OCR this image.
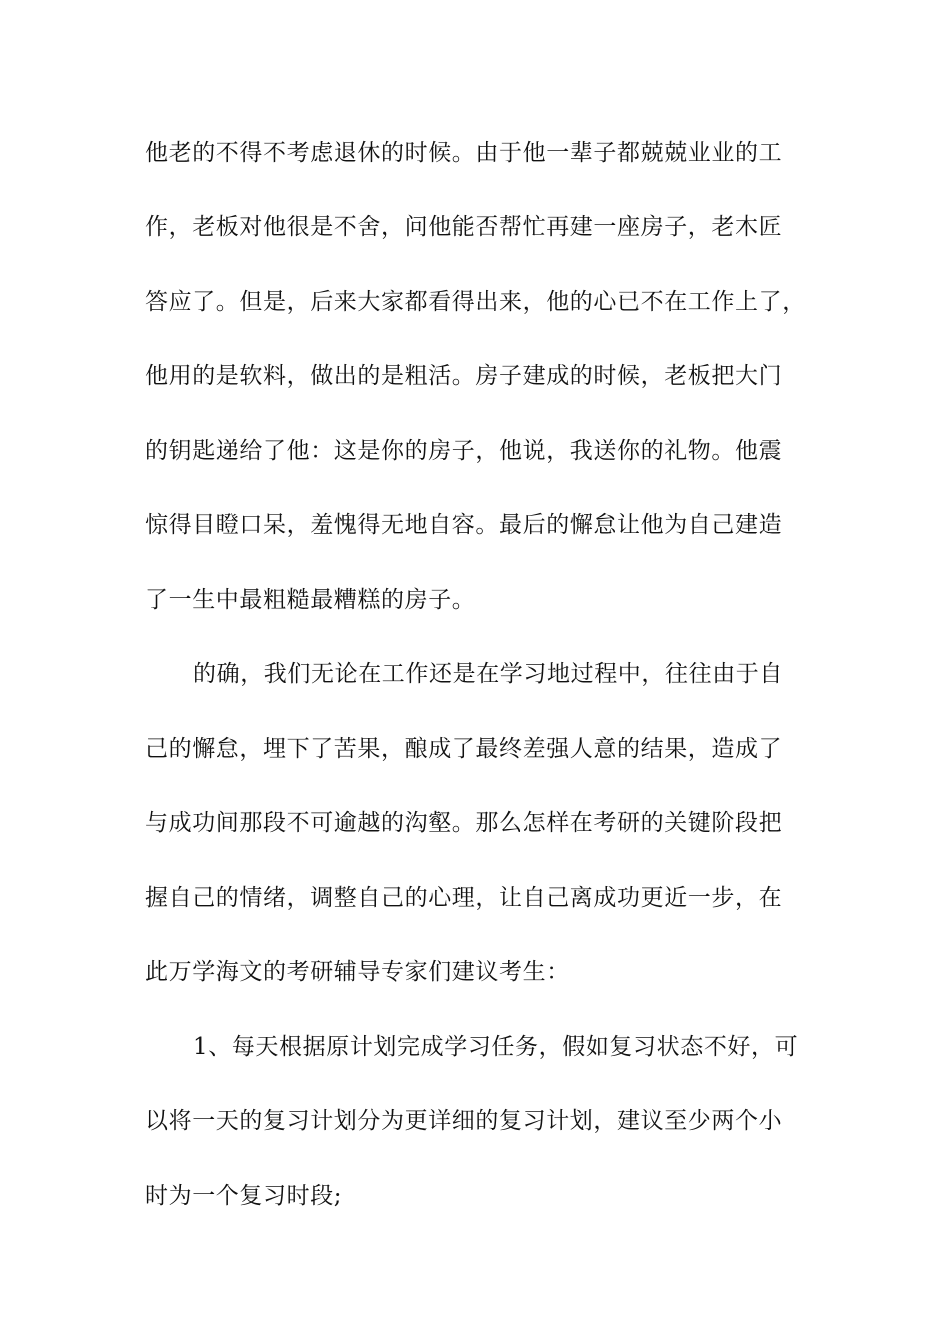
他老的不得不考虑退休的时候。由于他一辈子都兢兢业业的工
作，老板对他很是不舍，问他能否帮忙再建一座房子，老木匠
答应了。但是，后来大家都看得出来，他的心已不在工作上了，
他用的是软料，做出的是粗活。房子建成的时候，老板把大门
的钥匙递给了他：这是你的房子，他说，我送你的礼物。他震
惊得目瞪口呆，羞愧得无地自容。最后的懈怠让他为自己建造
了一生中最粗糙最糟糕的房子。
的确，我们无论在工作还是在学习地过程中，往往由于自
己的懈怠，埋下了苦果，酿成了最终差强人意的结果，造成了
与成功间那段不可逾越的沟壑。那么怎样在考研的关键阶段把
握自己的情绪，调整自己的心理，让自己离成功更近一步，在
此万学海文的考研辅导专家们建议考生：
1、每天根据原计划完成学习任务，假如复习状态不好，可
以将一天的复习计划分为更详细的复习计划，建议至少两个小
时为一个复习时段;
